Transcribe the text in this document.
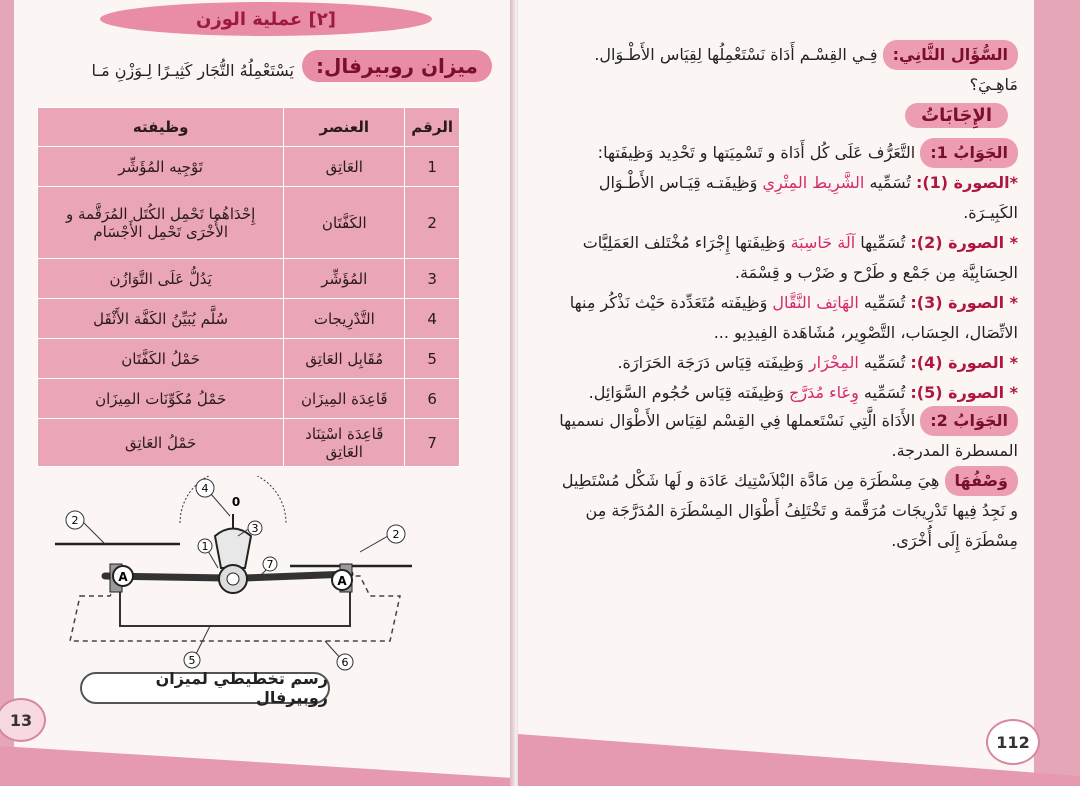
[٢] عملية الوزن
ميزان روبيرفال:
يَسْتَعْمِلُهُ التُّجَار كَثِيـرًا لِـوَزْنِ مَـا
الرقم	العنصر	وظيفته
1	العَاتِق	تَوْجِيه المُؤَشِّر
2	الكَفَّتَان	إِحْدَاهُما تَحْمِل الكُتَل المُرَقَّمة و الأُخْرَى تَحْمِل الأَجْسَام
3	المُؤَشِّر	يَدُلُّ عَلَى التَّوَازُن
4	التَّدْرِيجات	سُلَّم يُبَيِّنُ الكَفَّة الأَثْقَل
5	مُقَابِل العَاتِق	حَمْلُ الكَفَّتَان
6	قَاعِدَة المِيزَان	حَمْلُ مُكَوِّنَات المِيزَان
7	قَاعِدَة اسْتِنَاد العَاتِق	حَمْلُ العَاتِق
A	A
0
1
2
2
3
4
5	6
7
رسم تخطيطي لميزان روبيرفال
13
السُّؤَال الثَّانِي: فِـي القِسْـم أَدَاة نَسْتَعْمِلُها لِقِيَاس الأَطْـوَال. مَاهِـيَ؟
الإِجَابَاتُ
الجَوَابُ 1: التَّعَرُّف عَلَى كُل أَدَاة و تَسْمِيَتها و تَحْدِيد وَظِيفَتها:
*الصورة (1): تُسَمِّيه الشَّرِيط المِتْرِي وَظِيفَتـه قِيَـاس الأَطْـوَال الكَبِيـرَة.
* الصورة (2): تُسَمِّيها آلَة حَاسِبَة وَظِيفَتها إِجْرَاء مُخْتَلف العَمَلِيَّات الحِسَابِيَّة مِن جَمْع و طَرْح و ضَرْب و قِسْمَة.
* الصورة (3): تُسَمِّيه الهَاتِف النَّقَّال وَظِيفَته مُتَعَدِّدة حَيْث نَذْكُر مِنها الاتِّصَال، الحِسَاب، التَّصْوِير، مُشَاهَدة الفِيدِيو ...
* الصورة (4): تُسَمِّيه المِحْرَار وَظِيفَته قِيَاس دَرَجَة الحَرَارَة.
* الصورة (5): تُسَمِّيه وِعَاء مُدَرَّج وَظِيفَته قِيَاس حُجُوم السَّوَائِل.
الجَوَابُ 2: الأَدَاة الَّتِي نَسْتَعملها فِي القِسْم لقِيَاس الأَطْوَال نسميها المسطرة المدرجة.
وَصْفُهَا هِيَ مِسْطَرَة مِن مَادَّة البْلاَسْتِيك عَادَة و لَها شَكْل مُسْتَطِيل و نَجِدُ فِيها تَدْرِيجَات مُرَقَّمة و تَخْتَلِفُ أَطْوَال المِسْطَرَة المُدَرَّجَة مِن مِسْطَرَة إِلَى أُخْرَى.
112
